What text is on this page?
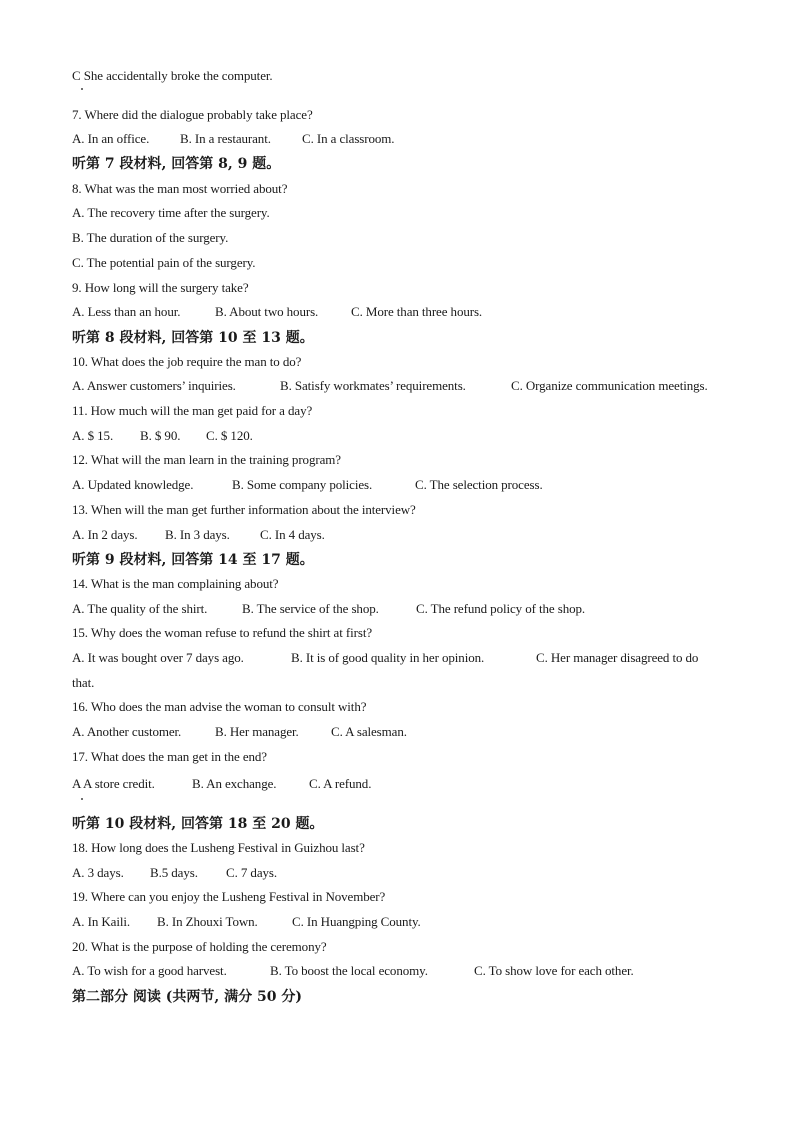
C She accidentally broke the computer.
7. Where did the dialogue probably take place?
A. In an office. B. In a restaurant. C. In a classroom.
听第 7 段材料, 回答第 8, 9 题。
8. What was the man most worried about?
A. The recovery time after the surgery.
B. The duration of the surgery.
C. The potential pain of the surgery.
9. How long will the surgery take?
A. Less than an hour.	B. About two hours.	C. More than three hours.
听第 8 段材料, 回答第 10 至 13 题。
10. What does the job require the man to do?
A. Answer customers’ inquiries.	B. Satisfy workmates’ requirements.	C. Organize communication meetings.
11. How much will the man get paid for a day?
A. $ 15. B. $ 90. C. $ 120.
12. What will the man learn in the training program?
A. Updated knowledge.	B. Some company policies.	C. The selection process.
13. When will the man get further information about the interview?
A. In 2 days. B. In 3 days. C. In 4 days.
听第 9 段材料, 回答第 14 至 17 题。
14. What is the man complaining about?
A. The quality of the shirt.	B. The service of the shop.	C. The refund policy of the shop.
15. Why does the woman refuse to refund the shirt at first?
A. It was bought over 7 days ago.	B. It is of good quality in her opinion.	C. Her manager disagreed to do
that.
16. Who does the man advise the woman to consult with?
A. Another customer.	B. Her manager. C. A salesman.
17. What does the man get in the end?
A A store credit.	B. An exchange.	C. A refund.
听第 10 段材料, 回答第 18 至 20 题。
18. How long does the Lusheng Festival in Guizhou last?
A. 3 days. B.5 days. C. 7 days.
19. Where can you enjoy the Lusheng Festival in November?
A. In Kaili. B. In Zhouxi Town.	C. In Huangping County.
20. What is the purpose of holding the ceremony?
A. To wish for a good harvest.	B. To boost the local economy.	C. To show love for each other.
第二部分 阅读 (共两节, 满分 50 分)
